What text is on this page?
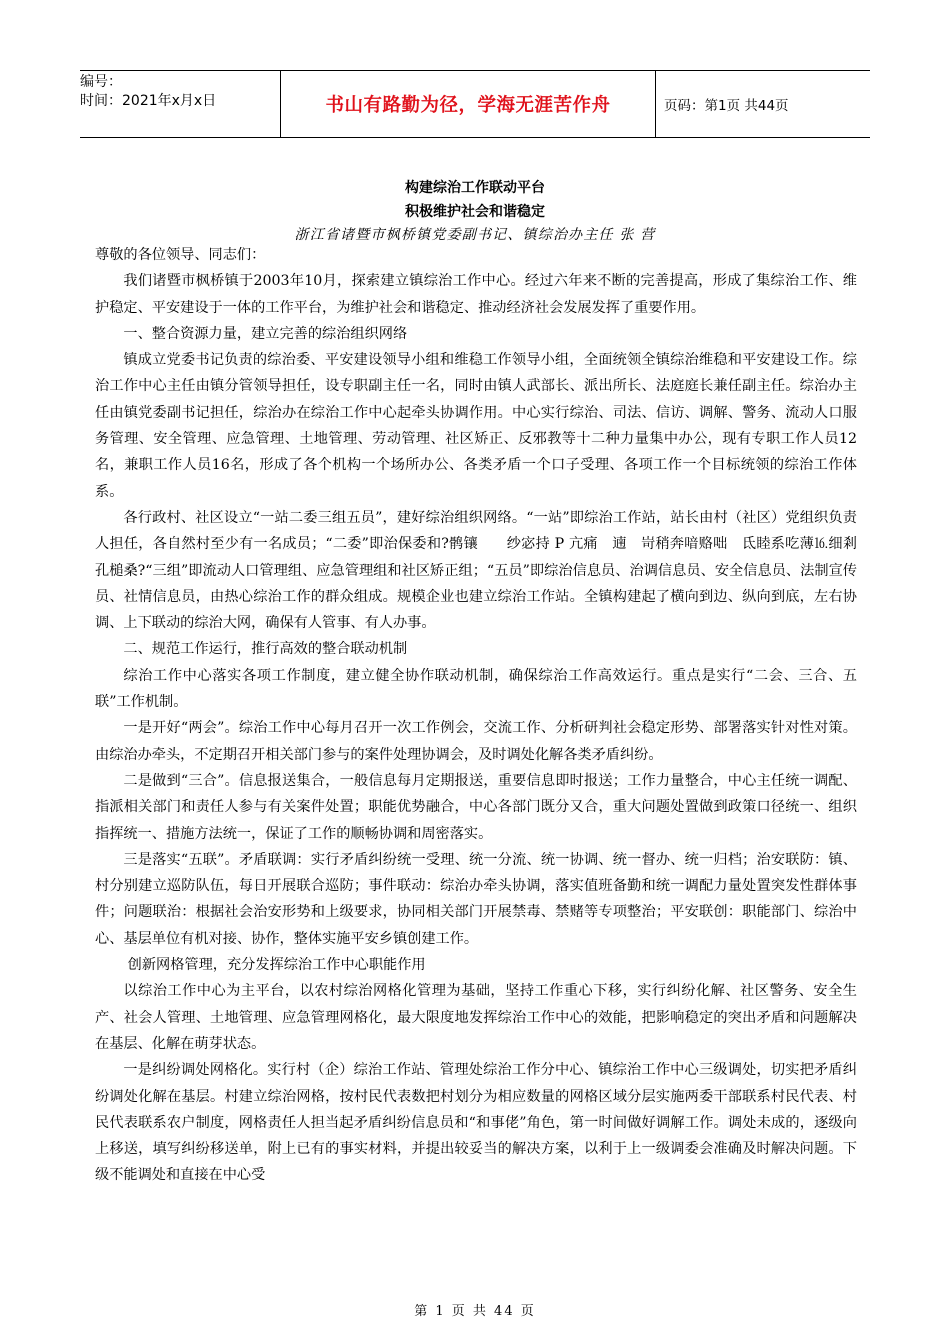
编号：
时间：2021年x月x日	书山有路勤为径，学海无涯苦作舟	页码：第1页 共44页
构建综治工作联动平台
积极维护社会和谐稳定
浙江省诸暨市枫桥镇党委副书记、镇综治办主任 张 营

尊敬的各位领导、同志们：

我们诸暨市枫桥镇于2003年10月，探索建立镇综治工作中心。经过六年来不断的完善提高，形成了集综治工作、维护稳定、平安建设于一体的工作平台，为维护社会和谐稳定、推动经济社会发展发挥了重要作用。

一、整合资源力量，建立完善的综治组织网络

镇成立党委书记负责的综治委、平安建设领导小组和维稳工作领导小组，全面统领全镇综治维稳和平安建设工作。综治工作中心主任由镇分管领导担任，设专职副主任一名，同时由镇人武部长、派出所长、法庭庭长兼任副主任。综治办主任由镇党委副书记担任，综治办在综治工作中心起牵头协调作用。中心实行综治、司法、信访、调解、警务、流动人口服务管理、安全管理、应急管理、土地管理、劳动管理、社区矫正、反邪教等十二种力量集中办公，现有专职工作人员12名，兼职工作人员16名，形成了各个机构一个场所办公、各类矛盾一个口子受理、各项工作一个目标统领的综治工作体系。

各行政村、社区设立“一站二委三组五员”，建好综治组织网络。“一站”即综治工作站，站长由村（社区）党组织负责人担任，各自然村至少有一名成员；“二委”即治保委和?鹘镶　　纱宓持 P 亢痛　遖　岢稍奔喑赂咄　氐睦系吃薄⒗细剎孔槌桑?“三组”即流动人口管理组、应急管理组和社区矫正组；“五员”即综治信息员、治调信息员、安全信息员、法制宣传员、社情信息员，由热心综治工作的群众组成。规模企业也建立综治工作站。全镇构建起了横向到边、纵向到底，左右协调、上下联动的综治大网，确保有人管事、有人办事。

二、规范工作运行，推行高效的整合联动机制

综治工作中心落实各项工作制度，建立健全协作联动机制，确保综治工作高效运行。重点是实行“二会、三合、五联”工作机制。

一是开好“两会”。综治工作中心每月召开一次工作例会，交流工作、分析研判社会稳定形势、部署落实针对性对策。由综治办牵头，不定期召开相关部门参与的案件处理协调会，及时调处化解各类矛盾纠纷。

二是做到“三合”。信息报送集合，一般信息每月定期报送，重要信息即时报送；工作力量整合，中心主任统一调配、指派相关部门和责任人参与有关案件处置；职能优势融合，中心各部门既分又合，重大问题处置做到政策口径统一、组织指挥统一、措施方法统一，保证了工作的顺畅协调和周密落实。

三是落实“五联”。矛盾联调：实行矛盾纠纷统一受理、统一分流、统一协调、统一督办、统一归档；治安联防：镇、村分别建立巡防队伍，每日开展联合巡防；事件联动：综治办牵头协调，落实值班备勤和统一调配力量处置突发性群体事件；问题联治：根据社会治安形势和上级要求，协同相关部门开展禁毒、禁赌等专项整治；平安联创：职能部门、综治中心、基层单位有机对接、协作，整体实施平安乡镇创建工作。

创新网格管理，充分发挥综治工作中心职能作用

以综治工作中心为主平台，以农村综治网格化管理为基础，坚持工作重心下移，实行纠纷化解、社区警务、安全生产、社会人管理、土地管理、应急管理网格化，最大限度地发挥综治工作中心的效能，把影响稳定的突出矛盾和问题解决在基层、化解在萌芽状态。

一是纠纷调处网格化。实行村（企）综治工作站、管理处综治工作分中心、镇综治工作中心三级调处，切实把矛盾纠纷调处化解在基层。村建立综治网格，按村民代表数把村划分为相应数量的网格区域分层实施两委干部联系村民代表、村民代表联系农户制度，网格责任人担当起矛盾纠纷信息员和“和事佬”角色，第一时间做好调解工作。调处未成的，逐级向上移送，填写纠纷移送单，附上已有的事实材料，并提出较妥当的解决方案，以利于上一级调委会准确及时解决问题。下级不能调处和直接在中心受

第 1 页 共 44 页
